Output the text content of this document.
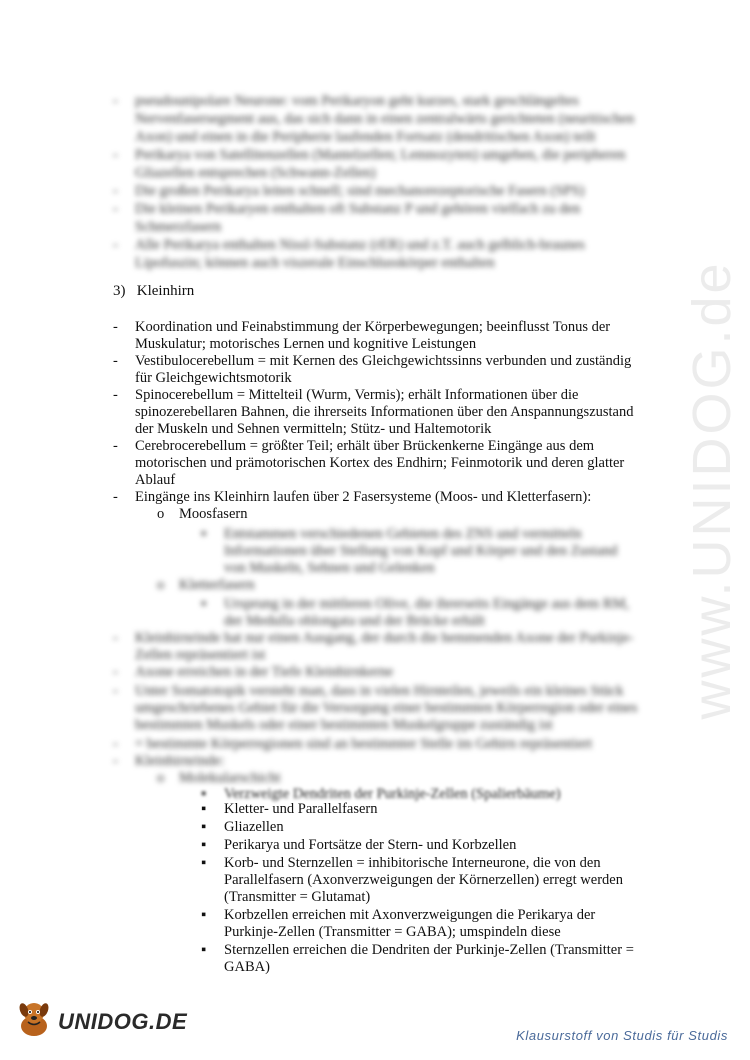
- pseudounipolare Neurone: vom Perikaryon geht kurzes, stark geschlängeltes
Nervenfasersegment aus, das sich dann in einen zentralwärts gerichteten (neuritischen
Axon) und einen in die Peripherie laufenden Fortsatz (dendritischen Axon) teilt
- Perikarya von Satellitenzellen (Mantelzellen; Lemnozyten) umgeben, die peripheren
Gliazellen entsprechen (Schwann-Zellen)
- Die großen Perikarya leiten schnell; sind mechanorezeptorische Fasern (SPS)
- Die kleinen Perikaryen enthalten oft Substanz P und gehören vielfach zu den
Schmerzfasern
- Alle Perikarya enthalten Nissl-Substanz (rER) und z.T. auch gelblich-braunes
Lipofuszin; können auch viszerale Einschlusskörper enthalten
3) Kleinhirn
- Koordination und Feinabstimmung der Körperbewegungen; beeinflusst Tonus der
Muskulatur; motorisches Lernen und kognitive Leistungen
- Vestibulocerebellum = mit Kernen des Gleichgewichtssinns verbunden und zuständig
für Gleichgewichtsmotorik
- Spinocerebellum = Mittelteil (Wurm, Vermis); erhält Informationen über die
spinozerebellaren Bahnen, die ihrerseits Informationen über den Anspannungszustand
der Muskeln und Sehnen vermitteln; Stütz- und Haltemotorik
- Cerebrocerebellum = größter Teil; erhält über Brückenkerne Eingänge aus dem
motorischen und prämotorischen Kortex des Endhirn; Feinmotorik und deren glatter
Ablauf
- Eingänge ins Kleinhirn laufen über 2 Fasersysteme (Moos- und Kletterfasern):
o Moosfasern
▪ Entstammen verschiedenen Gebieten des ZNS und vermitteln
Informationen über Stellung von Kopf und Körper und den Zustand
von Muskeln, Sehnen und Gelenken
o Kletterfasern
▪ Ursprung in der mittleren Olive, die ihrerseits Eingänge aus dem RM,
der Medulla oblongata und der Brücke erhält
- Kleinhirnrinde hat nur einen Ausgang, der durch die hemmenden Axone der Purkinje-
Zellen repräsentiert ist
- Axone erreichen in der Tiefe Kleinhirnkerne
- Unter Somatotopik versteht man, dass in vielen Hirnteilen, jeweils ein kleines Stück
umgeschriebenes Gebiet für die Versorgung einer bestimmten Körperregion oder eines
bestimmten Muskels oder einer bestimmten Muskelgruppe zuständig ist
- = bestimmte Körperregionen sind an bestimmter Stelle im Gehirn repräsentiert
- Kleinhirnrinde:
o Molekularschicht
▪ Verzweigte Dendriten der Purkinje-Zellen (Spalierbäume)
▪ Kletter- und Parallelfasern
▪ Gliazellen
▪ Perikarya und Fortsätze der Stern- und Korbzellen
▪ Korb- und Sternzellen = inhibitorische Interneurone, die von den
Parallelfasern (Axonverzweigungen der Körnerzellen) erregt werden
(Transmitter = Glutamat)
▪ Korbzellen erreichen mit Axonverzweigungen die Perikarya der
Purkinje-Zellen (Transmitter = GABA); umspindeln diese
▪ Sternzellen erreichen die Dendriten der Purkinje-Zellen (Transmitter =
GABA)
www.UNIDOG.de
UNIDOG.DE
Klausurstoff von Studis für Studis
